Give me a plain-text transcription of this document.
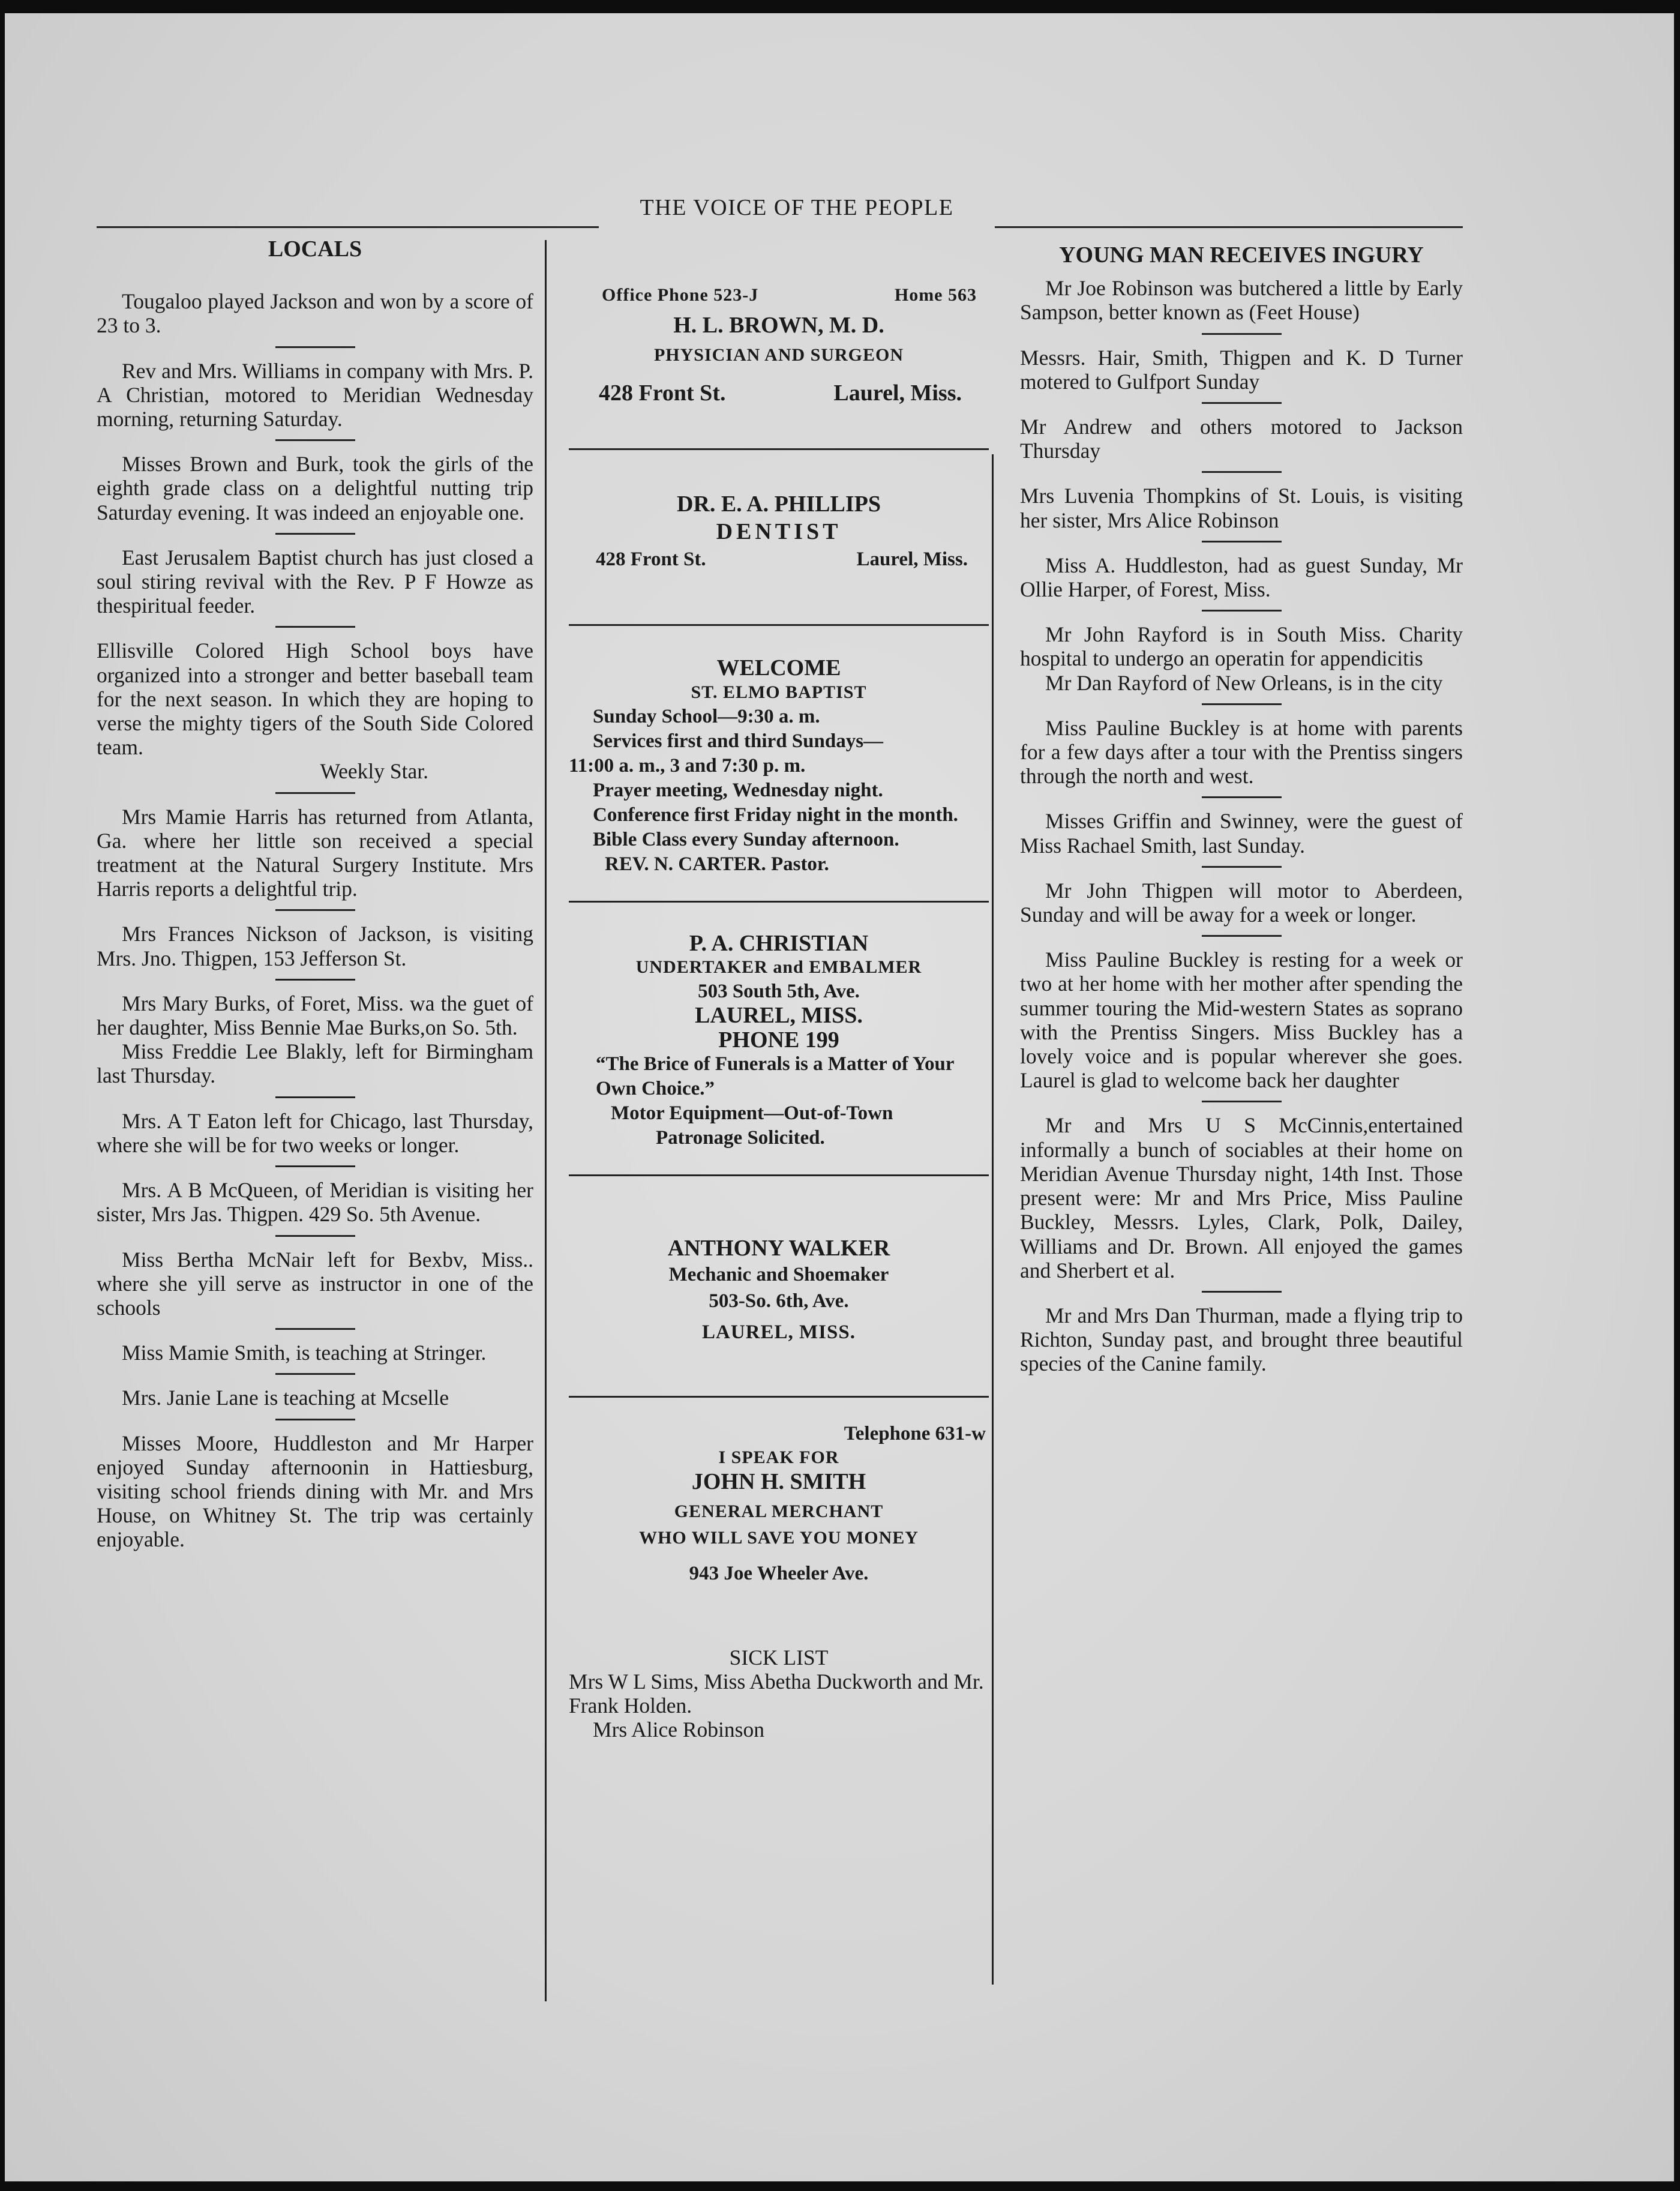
THE VOICE OF THE PEOPLE
LOCALS

Tougaloo played Jackson and won by a score of 23 to 3.

Rev and Mrs. Williams in company with Mrs. P. A Christian, motored to Meridian Wednesday morning, returning Saturday.

Misses Brown and Burk, took the girls of the eighth grade class on a delightful nutting trip Saturday evening. It was indeed an enjoyable one.

East Jerusalem Baptist church has just closed a soul stiring revival with the Rev. P F Howze as thespiritual feeder.

Ellisville Colored High School boys have organized into a stronger and better baseball team for the next season. In which they are hoping to verse the mighty tigers of the South Side Colored team.

Weekly Star.

Mrs Mamie Harris has returned from Atlanta, Ga. where her little son received a special treatment at the Natural Surgery Institute. Mrs Harris reports a delightful trip.

Mrs Frances Nickson of Jackson, is visiting Mrs. Jno. Thigpen, 153 Jefferson St.

Mrs Mary Burks, of Foret, Miss. wa the guet of her daughter, Miss Bennie Mae Burks,on So. 5th.

Miss Freddie Lee Blakly, left for Birmingham last Thursday.

Mrs. A T Eaton left for Chicago, last Thursday, where she will be for two weeks or longer.

Mrs. A B McQueen, of Meridian is visiting her sister, Mrs Jas. Thigpen. 429 So. 5th Avenue.

Miss Bertha McNair left for Bexbv, Miss.. where she yill serve as instructor in one of the schools

Miss Mamie Smith, is teaching at Stringer.

Mrs. Janie Lane is teaching at Mcselle

Misses Moore, Huddleston and Mr Harper enjoyed Sunday afternoonin in Hattiesburg, visiting school friends dining with Mr. and Mrs House, on Whitney St. The trip was certainly enjoyable.

Office Phone 523-J	Home 563
H. L. BROWN, M. D.
PHYSICIAN AND SURGEON
428 Front St.	Laurel, Miss.
DR. E. A. PHILLIPS
DENTIST
428 Front St.	Laurel, Miss.
WELCOME
ST. ELMO BAPTIST
Sunday School—9:30 a. m.
Services first and third Sundays—
11:00 a. m., 3 and 7:30 p. m.
Prayer meeting, Wednesday night.
Conference first Friday night in the month.
Bible Class every Sunday afternoon.
REV. N. CARTER. Pastor.
P. A. CHRISTIAN
UNDERTAKER and EMBALMER
503 South 5th, Ave.
LAUREL, MISS.
PHONE 199
“The Brice of Funerals is a Matter of Your Own Choice.”
Motor Equipment—Out-of-Town
Patronage Solicited.
ANTHONY WALKER
Mechanic and Shoemaker
503-So. 6th, Ave.
LAUREL, MISS.
Telephone 631-w
I SPEAK FOR
JOHN H. SMITH
GENERAL MERCHANT
WHO WILL SAVE YOU MONEY
943 Joe Wheeler Ave.
SICK LIST
Mrs W L Sims, Miss Abetha Duckworth and Mr. Frank Holden.
Mrs Alice Robinson
YOUNG MAN RECEIVES INGURY

Mr Joe Robinson was butchered a little by Early Sampson, better known as (Feet House)

Messrs. Hair, Smith, Thigpen and K. D Turner motered to Gulfport Sunday

Mr Andrew and others motored to Jackson Thursday

Mrs Luvenia Thompkins of St. Louis, is visiting her sister, Mrs Alice Robinson

Miss A. Huddleston, had as guest Sunday, Mr Ollie Harper, of Forest, Miss.

Mr John Rayford is in South Miss. Charity hospital to undergo an operatin for appendicitis

Mr Dan Rayford of New Orleans, is in the city

Miss Pauline Buckley is at home with parents for a few days after a tour with the Prentiss singers through the north and west.

Misses Griffin and Swinney, were the guest of Miss Rachael Smith, last Sunday.

Mr John Thigpen will motor to Aberdeen, Sunday and will be away for a week or longer.

Miss Pauline Buckley is resting for a week or two at her home with her mother after spending the summer touring the Mid-western States as soprano with the Prentiss Singers. Miss Buckley has a lovely voice and is popular wherever she goes. Laurel is glad to welcome back her daughter

Mr and Mrs U S McCinnis,entertained informally a bunch of sociables at their home on Meridian Avenue Thursday night, 14th Inst. Those present were: Mr and Mrs Price, Miss Pauline Buckley, Messrs. Lyles, Clark, Polk, Dailey, Williams and Dr. Brown. All enjoyed the games and Sherbert et al.

Mr and Mrs Dan Thurman, made a flying trip to Richton, Sunday past, and brought three beautiful species of the Canine family.
